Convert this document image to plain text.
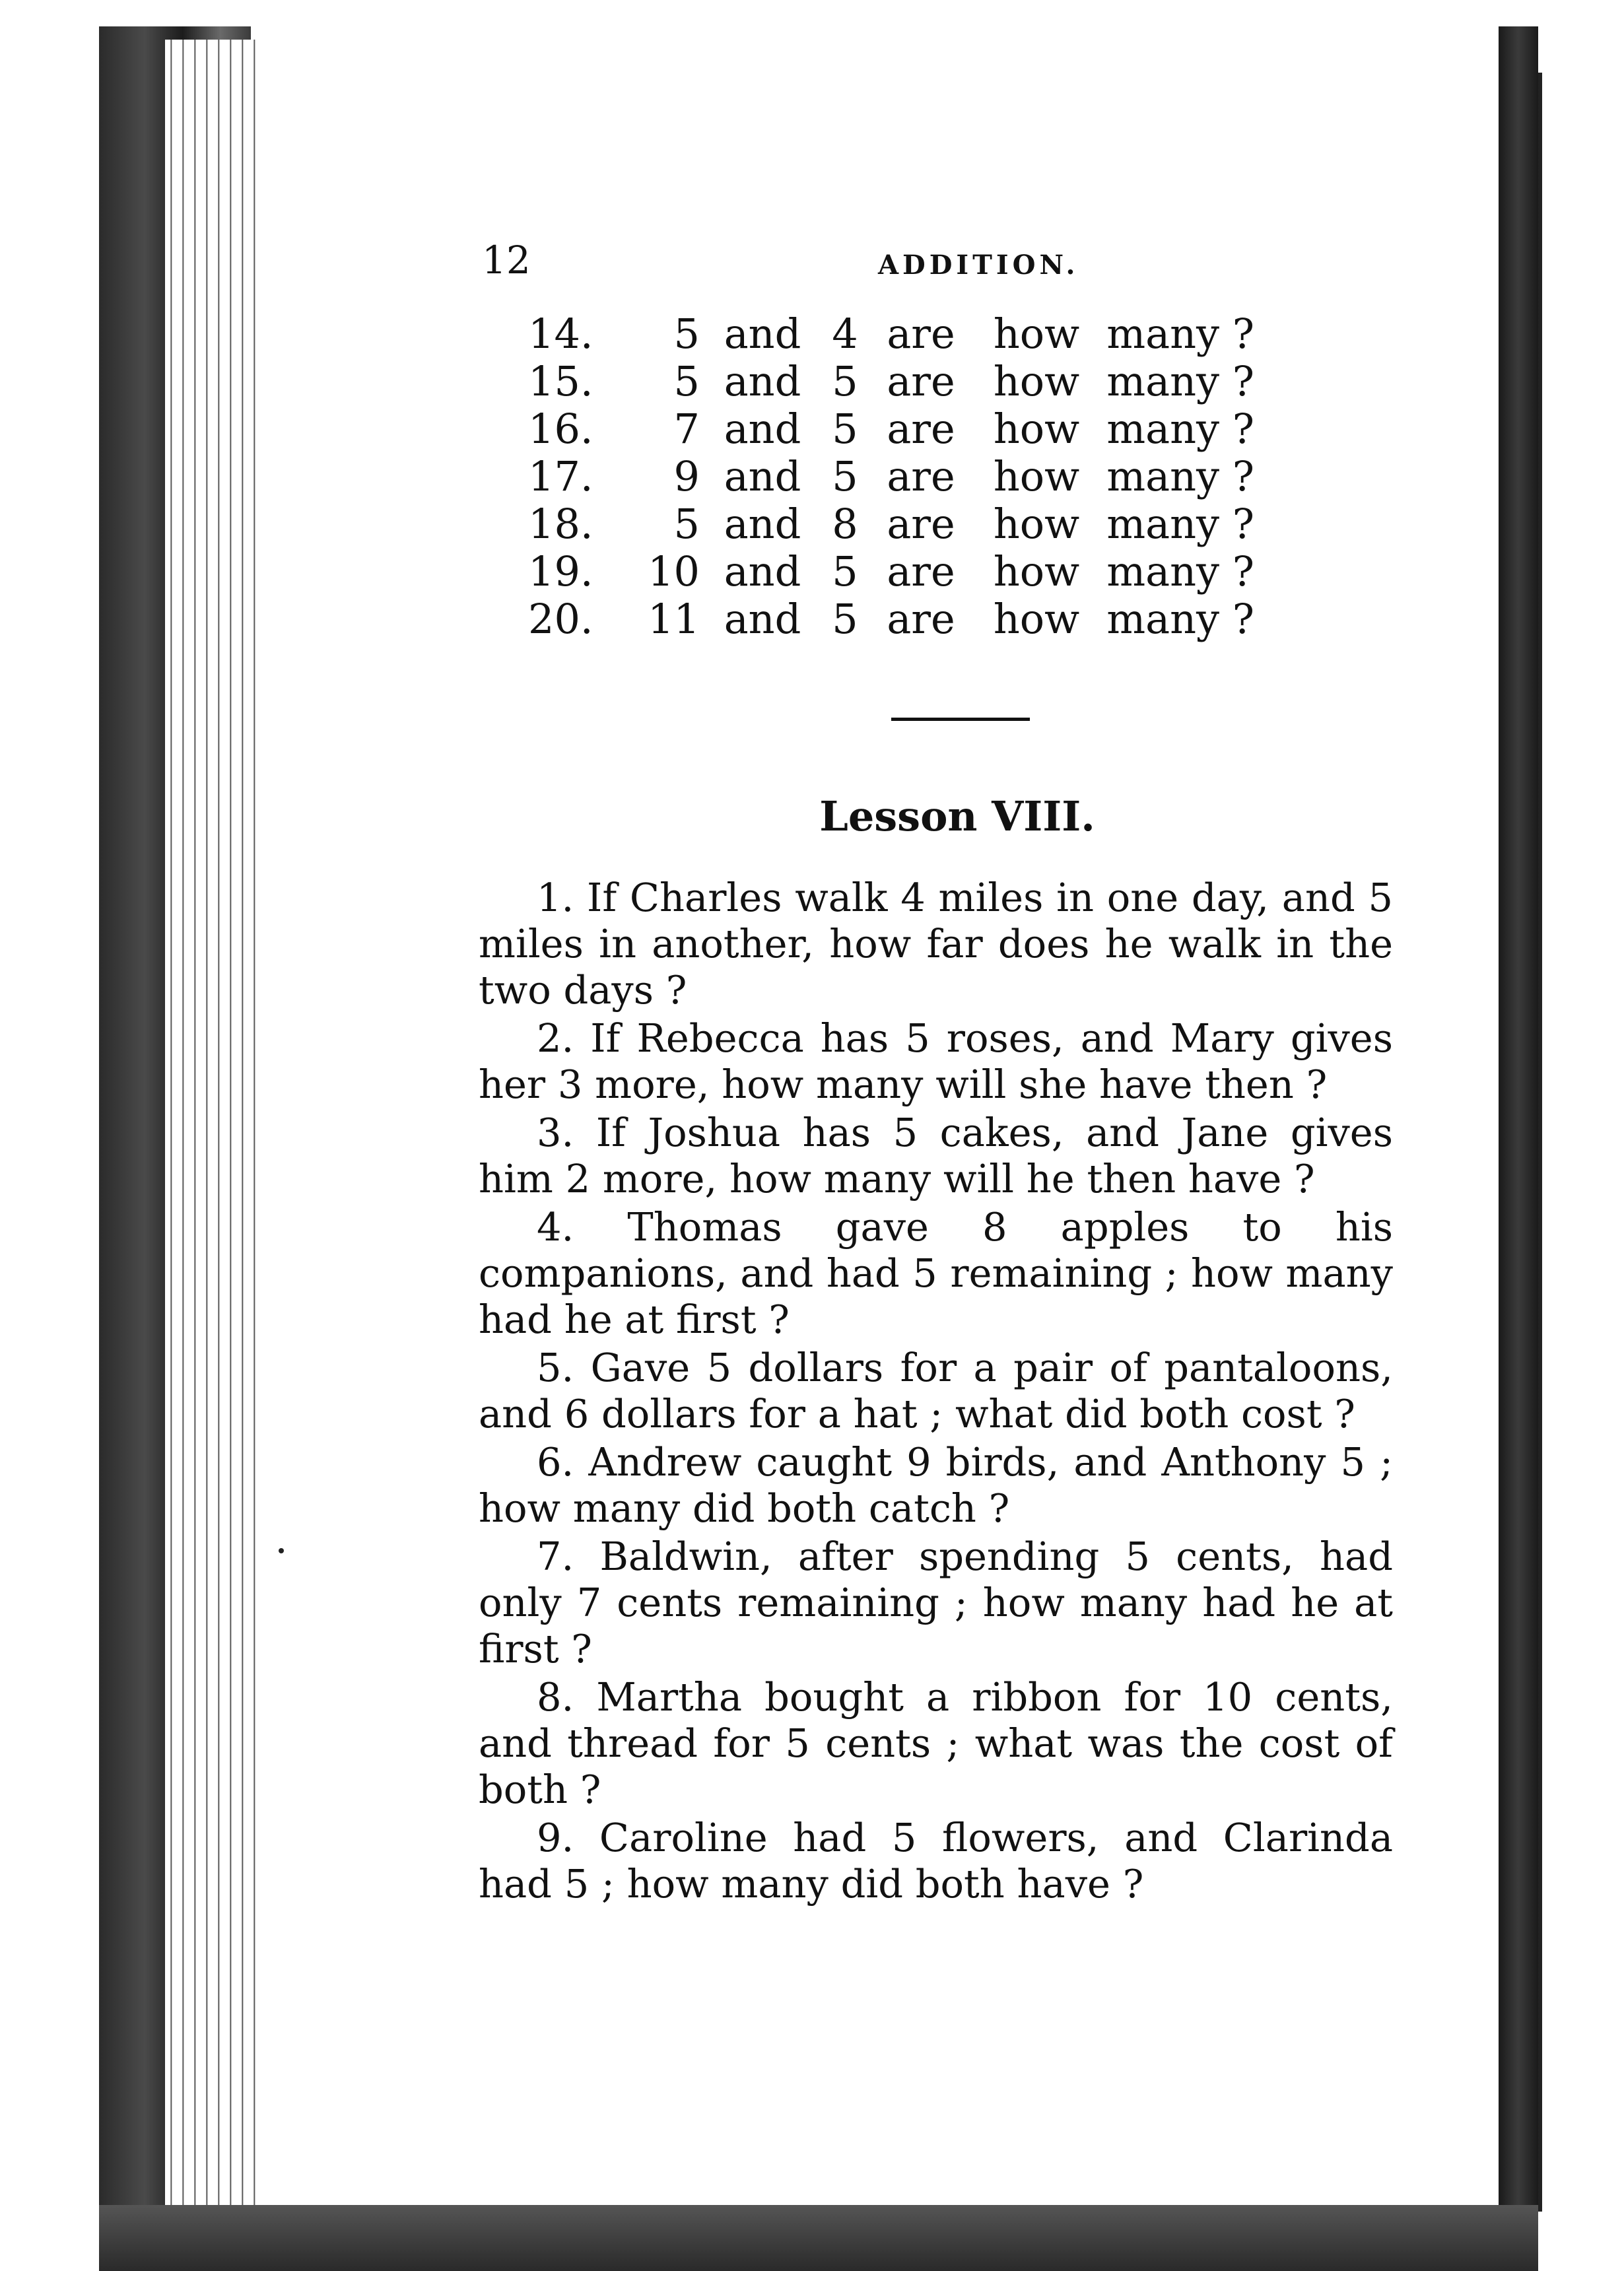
12	ADDITION.
14.	5	and	4	are	how	many ?
15.	5	and	5	are	how	many ?
16.	7	and	5	are	how	many ?
17.	9	and	5	are	how	many ?
18.	5	and	8	are	how	many ?
19.	10	and	5	are	how	many ?
20.	11	and	5	are	how	many ?
Lesson VIII.

1. If Charles walk 4 miles in one day, and 5 miles in another, how far does he walk in the two days ?

2. If Rebecca has 5 roses, and Mary gives her 3 more, how many will she have then ?

3. If Joshua has 5 cakes, and Jane gives him 2 more, how many will he then have ?

4. Thomas gave 8 apples to his companions, and had 5 remaining ; how many had he at first ?

5. Gave 5 dollars for a pair of pantaloons, and 6 dollars for a hat ; what did both cost ?

6. Andrew caught 9 birds, and Anthony 5 ; how many did both catch ?

7. Baldwin, after spending 5 cents, had only 7 cents remaining ; how many had he at first ?

8. Martha bought a ribbon for 10 cents, and thread for 5 cents ; what was the cost of both ?

9. Caroline had 5 flowers, and Clarinda had 5 ; how many did both have ?
